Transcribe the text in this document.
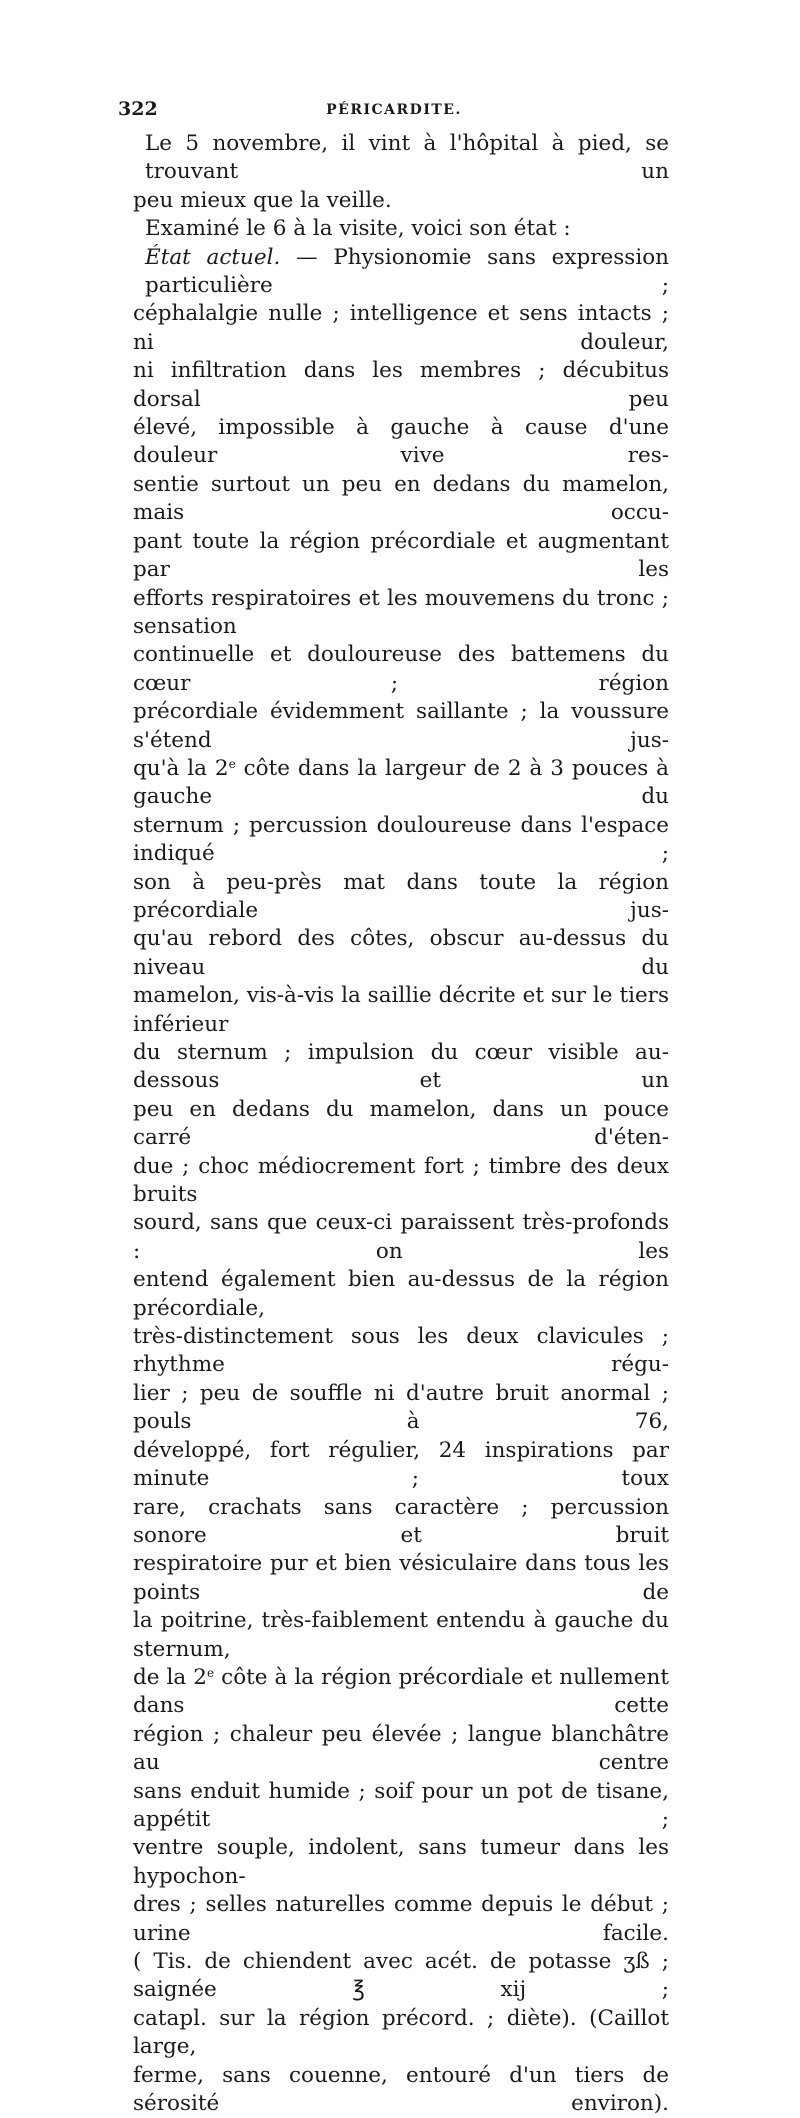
322	PÉRICARDITE.
Le 5 novembre, il vint à l'hôpital à pied, se trouvant un
peu mieux que la veille.
Examiné le 6 à la visite, voici son état :
État actuel. — Physionomie sans expression particulière ;
céphalalgie nulle ; intelligence et sens intacts ; ni douleur,
ni infiltration dans les membres ; décubitus dorsal peu
élevé, impossible à gauche à cause d'une douleur vive res-
sentie surtout un peu en dedans du mamelon, mais occu-
pant toute la région précordiale et augmentant par les
efforts respiratoires et les mouvemens du tronc ; sensation
continuelle et douloureuse des battemens du cœur ; région
précordiale évidemment saillante ; la voussure s'étend jus-
qu'à la 2e côte dans la largeur de 2 à 3 pouces à gauche du
sternum ; percussion douloureuse dans l'espace indiqué ;
son à peu-près mat dans toute la région précordiale jus-
qu'au rebord des côtes, obscur au-dessus du niveau du
mamelon, vis-à-vis la saillie décrite et sur le tiers inférieur
du sternum ; impulsion du cœur visible au-dessous et un
peu en dedans du mamelon, dans un pouce carré d'éten-
due ; choc médiocrement fort ; timbre des deux bruits
sourd, sans que ceux-ci paraissent très-profonds : on les
entend également bien au-dessus de la région précordiale,
très-distinctement sous les deux clavicules ; rhythme régu-
lier ; peu de souffle ni d'autre bruit anormal ; pouls à 76,
développé, fort régulier, 24 inspirations par minute ; toux
rare, crachats sans caractère ; percussion sonore et bruit
respiratoire pur et bien vésiculaire dans tous les points de
la poitrine, très-faiblement entendu à gauche du sternum,
de la 2e côte à la région précordiale et nullement dans cette
région ; chaleur peu élevée ; langue blanchâtre au centre
sans enduit humide ; soif pour un pot de tisane, appétit ;
ventre souple, indolent, sans tumeur dans les hypochon-
dres ; selles naturelles comme depuis le début ; urine facile.
( Tis. de chiendent avec acét. de potasse ʒß ; saignée ℥ xij ;
catapl. sur la région précord. ; diète). (Caillot large,
ferme, sans couenne, entouré d'un tiers de sérosité environ).
